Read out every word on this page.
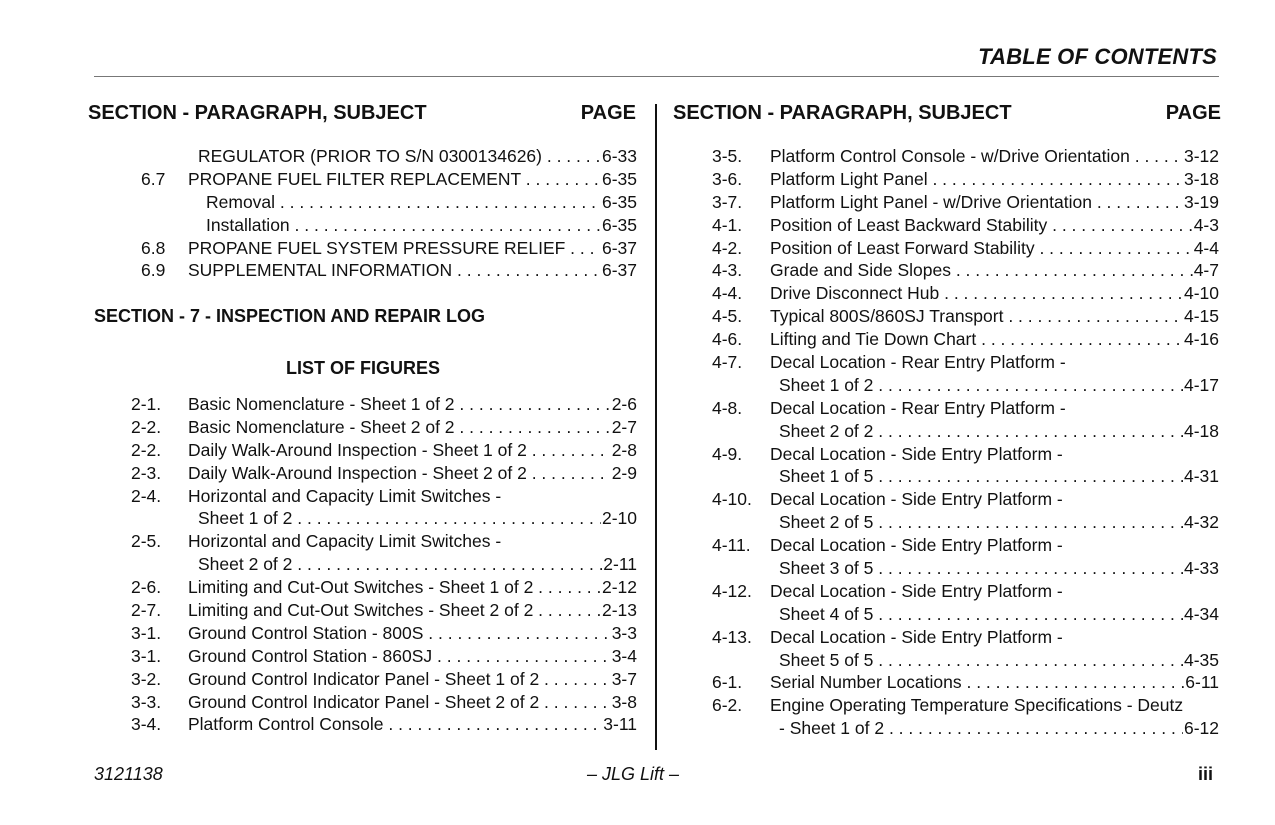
TABLE OF CONTENTS
SECTION - PARAGRAPH, SUBJECT	PAGE SECTION - PARAGRAPH, SUBJECT	PAGE
REGULATOR (PRIOR TO S/N 0300134626) . . .	6-33
6.7 PROPANE FUEL FILTER REPLACEMENT . . .	6-35
Removal . . .	6-35
Installation . . .	6-35
6.8 PROPANE FUEL SYSTEM PRESSURE RELIEF . . .	6-37
6.9 SUPPLEMENTAL INFORMATION . . .	6-37
SECTION - 7 - INSPECTION AND REPAIR LOG
LIST OF FIGURES
2-1. Basic Nomenclature - Sheet 1 of 2 . . .	2-6
2-2. Basic Nomenclature - Sheet 2 of 2 . . .	2-7
2-2. Daily Walk-Around Inspection - Sheet 1 of 2 . . .	2-8
2-3. Daily Walk-Around Inspection - Sheet 2 of 2 . . .	2-9
2-4. Horizontal and Capacity Limit Switches -
Sheet 1 of 2 . . .	2-10
2-5. Horizontal and Capacity Limit Switches -
Sheet 2 of 2 . . .	2-11
2-6. Limiting and Cut-Out Switches - Sheet 1 of 2 . . .	2-12
2-7. Limiting and Cut-Out Switches - Sheet 2 of 2 . . .	2-13
3-1. Ground Control Station - 800S . . .	3-3
3-1. Ground Control Station - 860SJ . . .	3-4
3-2. Ground Control Indicator Panel - Sheet 1 of 2 . . .	3-7
3-3. Ground Control Indicator Panel - Sheet 2 of 2 . . .	3-8
3-4. Platform Control Console . . .	3-11
3-5. Platform Control Console - w/Drive Orientation . . .	3-12
3-6. Platform Light Panel . . .	3-18
3-7. Platform Light Panel - w/Drive Orientation . . .	3-19
4-1. Position of Least Backward Stability . . .	4-3
4-2. Position of Least Forward Stability . . .	4-4
4-3. Grade and Side Slopes . . .	4-7
4-4. Drive Disconnect Hub . . .	4-10
4-5. Typical 800S/860SJ Transport . . .	4-15
4-6. Lifting and Tie Down Chart . . .	4-16
4-7. Decal Location - Rear Entry Platform -
Sheet 1 of 2 . . .	4-17
4-8. Decal Location - Rear Entry Platform -
Sheet 2 of 2 . . .	4-18
4-9. Decal Location - Side Entry Platform -
Sheet 1 of 5 . . .	4-31
4-10. Decal Location - Side Entry Platform -
Sheet 2 of 5 . . .	4-32
4-11. Decal Location - Side Entry Platform -
Sheet 3 of 5 . . .	4-33
4-12. Decal Location - Side Entry Platform -
Sheet 4 of 5 . . .	4-34
4-13. Decal Location - Side Entry Platform -
Sheet 5 of 5 . . .	4-35
6-1. Serial Number Locations . . .	6-11
6-2. Engine Operating Temperature Specifications - Deutz
- Sheet 1 of 2 . . .	6-12
3121138	– JLG Lift –	iii
